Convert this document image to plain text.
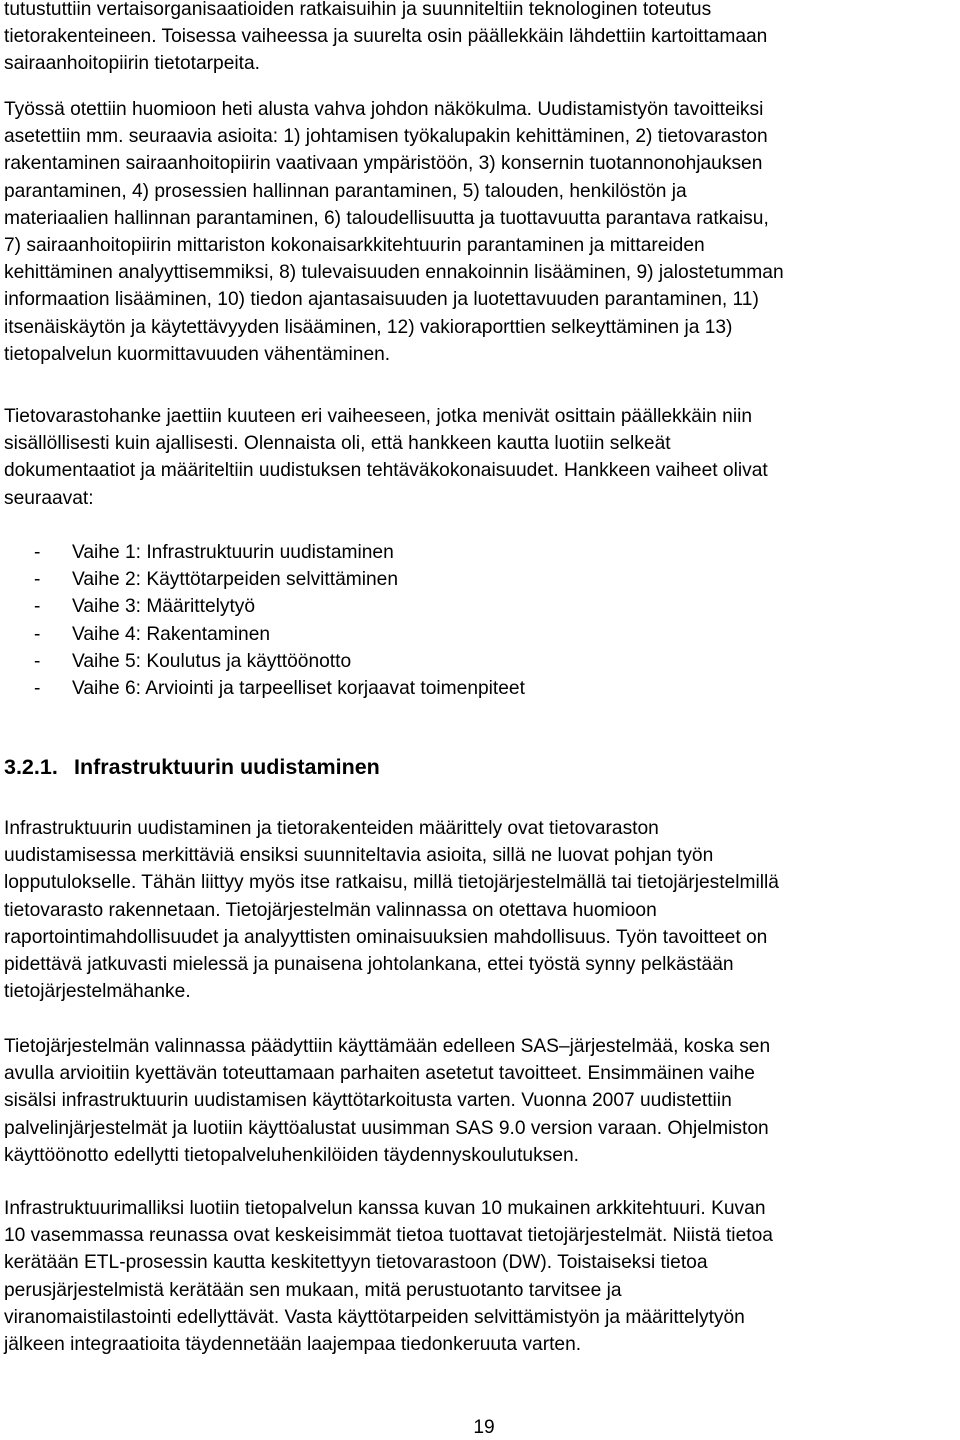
tutustuttiin vertaisorganisaatioiden ratkaisuihin ja suunniteltiin teknologinen toteutus
tietorakenteineen. Toisessa vaiheessa ja suurelta osin päällekkäin lähdettiin kartoittamaan
sairaanhoitopiirin tietotarpeita.
Työssä otettiin huomioon heti alusta vahva johdon näkökulma. Uudistamistyön tavoitteiksi
asetettiin mm. seuraavia asioita: 1) johtamisen työkalupakin kehittäminen, 2) tietovaraston
rakentaminen sairaanhoitopiirin vaativaan ympäristöön, 3) konsernin tuotannonohjauksen
parantaminen, 4) prosessien hallinnan parantaminen, 5) talouden, henkilöstön ja
materiaalien hallinnan parantaminen, 6) taloudellisuutta ja tuottavuutta parantava ratkaisu,
7) sairaanhoitopiirin mittariston kokonaisarkkitehtuurin parantaminen ja mittareiden
kehittäminen analyyttisemmiksi, 8) tulevaisuuden ennakoinnin lisääminen, 9) jalostetumman
informaation lisääminen, 10) tiedon ajantasaisuuden ja luotettavuuden parantaminen, 11)
itsenäiskäytön ja käytettävyyden lisääminen, 12) vakioraporttien selkeyttäminen ja 13)
tietopalvelun kuormittavuuden vähentäminen.
Tietovarastohanke jaettiin kuuteen eri vaiheeseen, jotka menivät osittain päällekkäin niin
sisällöllisesti kuin ajallisesti. Olennaista oli, että hankkeen kautta luotiin selkeät
dokumentaatiot ja määriteltiin uudistuksen tehtäväkokonaisuudet. Hankkeen vaiheet olivat
seuraavat:
- Vaihe 1: Infrastruktuurin uudistaminen
- Vaihe 2: Käyttötarpeiden selvittäminen
- Vaihe 3: Määrittelytyö
- Vaihe 4: Rakentaminen
- Vaihe 5: Koulutus ja käyttöönotto
- Vaihe 6: Arviointi ja tarpeelliset korjaavat toimenpiteet
3.2.1. Infrastruktuurin uudistaminen
Infrastruktuurin uudistaminen ja tietorakenteiden määrittely ovat tietovaraston
uudistamisessa merkittäviä ensiksi suunniteltavia asioita, sillä ne luovat pohjan työn
lopputulokselle. Tähän liittyy myös itse ratkaisu, millä tietojärjestelmällä tai tietojärjestelmillä
tietovarasto rakennetaan. Tietojärjestelmän valinnassa on otettava huomioon
raportointimahdollisuudet ja analyyttisten ominaisuuksien mahdollisuus. Työn tavoitteet on
pidettävä jatkuvasti mielessä ja punaisena johtolankana, ettei työstä synny pelkästään
tietojärjestelmähanke.
Tietojärjestelmän valinnassa päädyttiin käyttämään edelleen SAS–järjestelmää, koska sen
avulla arvioitiin kyettävän toteuttamaan parhaiten asetetut tavoitteet. Ensimmäinen vaihe
sisälsi infrastruktuurin uudistamisen käyttötarkoitusta varten. Vuonna 2007 uudistettiin
palvelinjärjestelmät ja luotiin käyttöalustat uusimman SAS 9.0 version varaan. Ohjelmiston
käyttöönotto edellytti tietopalveluhenkilöiden täydennyskoulutuksen.
Infrastruktuurimalliksi luotiin tietopalvelun kanssa kuvan 10 mukainen arkkitehtuuri. Kuvan
10 vasemmassa reunassa ovat keskeisimmät tietoa tuottavat tietojärjestelmät. Niistä tietoa
kerätään ETL-prosessin kautta keskitettyyn tietovarastoon (DW). Toistaiseksi tietoa
perusjärjestelmistä kerätään sen mukaan, mitä perustuotanto tarvitsee ja
viranomaistilastointi edellyttävät. Vasta käyttötarpeiden selvittämistyön ja määrittelytyön
jälkeen integraatioita täydennetään laajempaa tiedonkeruuta varten.
19
